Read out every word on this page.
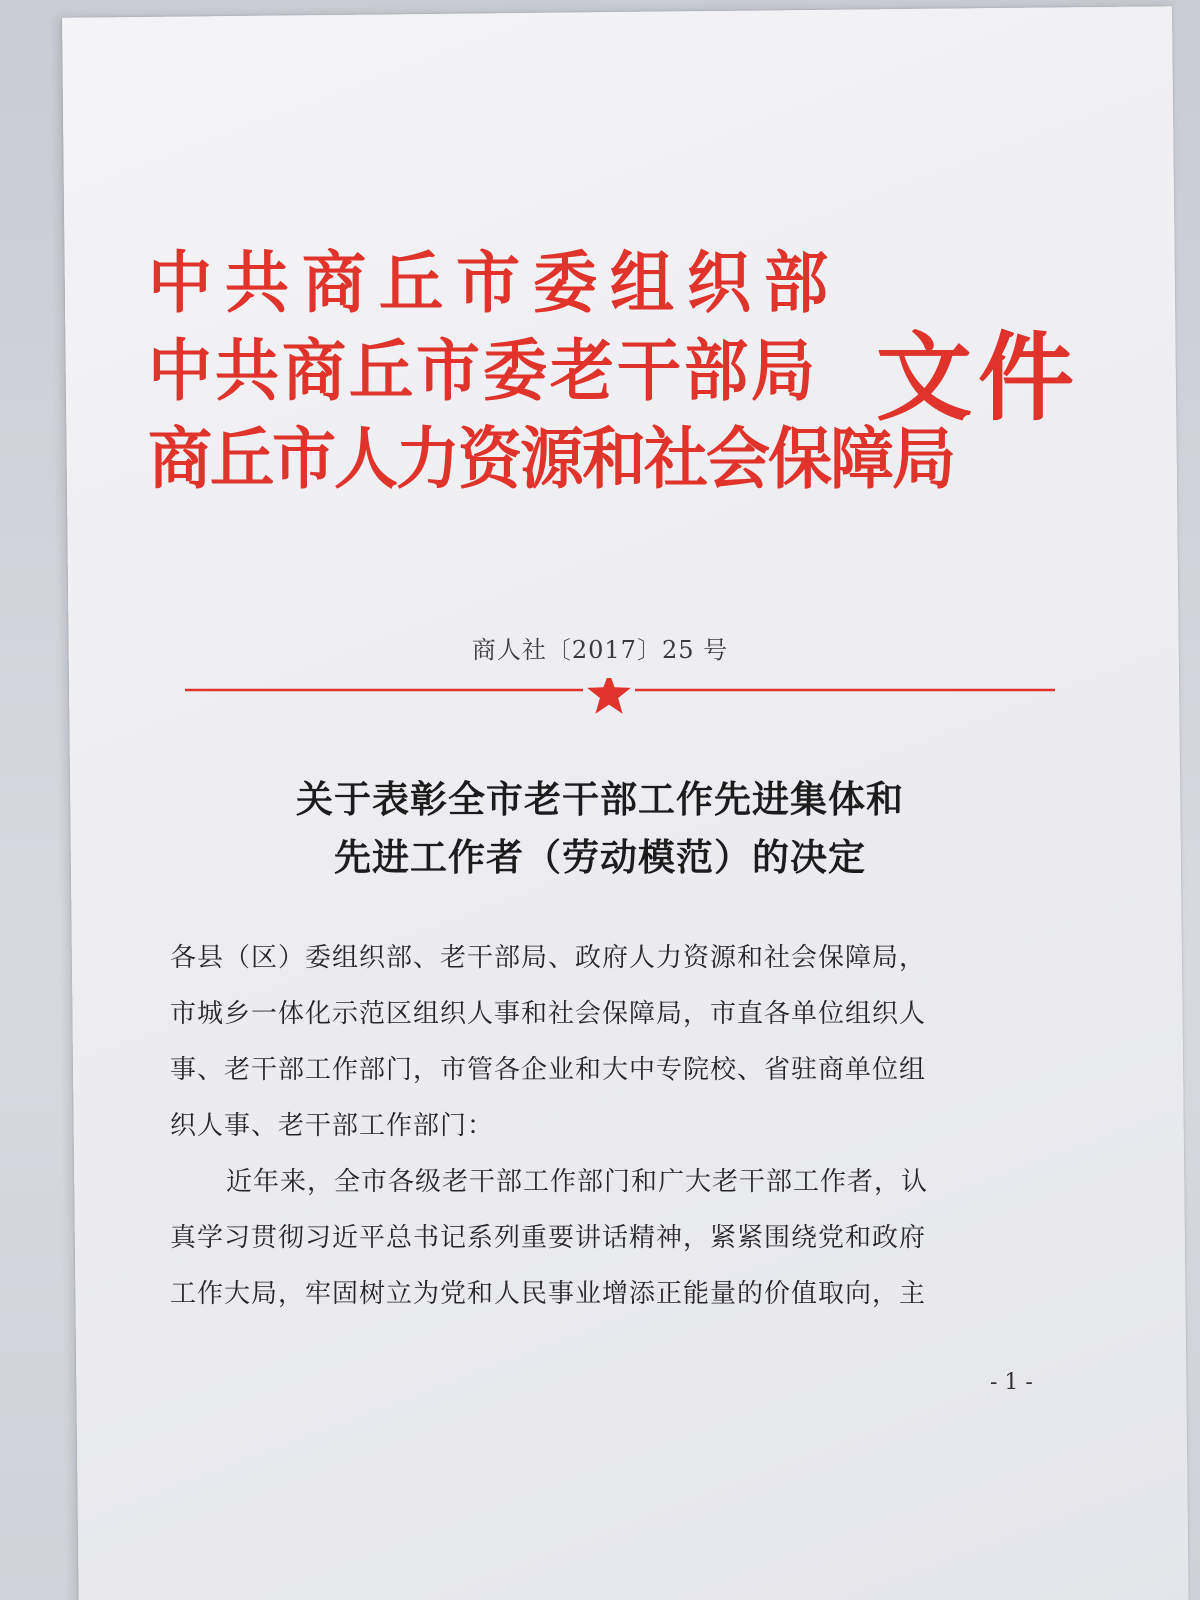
中共商丘市委组织部
中共商丘市委老干部局
商丘市人力资源和社会保障局
文件
商人社〔2017〕25 号
关于表彰全市老干部工作先进集体和
先进工作者（劳动模范）的决定
各县（区）委组织部、老干部局、政府人力资源和社会保障局，
市城乡一体化示范区组织人事和社会保障局，市直各单位组织人
事、老干部工作部门，市管各企业和大中专院校、省驻商单位组
织人事、老干部工作部门：
近年来，全市各级老干部工作部门和广大老干部工作者，认
真学习贯彻习近平总书记系列重要讲话精神，紧紧围绕党和政府
工作大局，牢固树立为党和人民事业增添正能量的价值取向，主
- 1 -
